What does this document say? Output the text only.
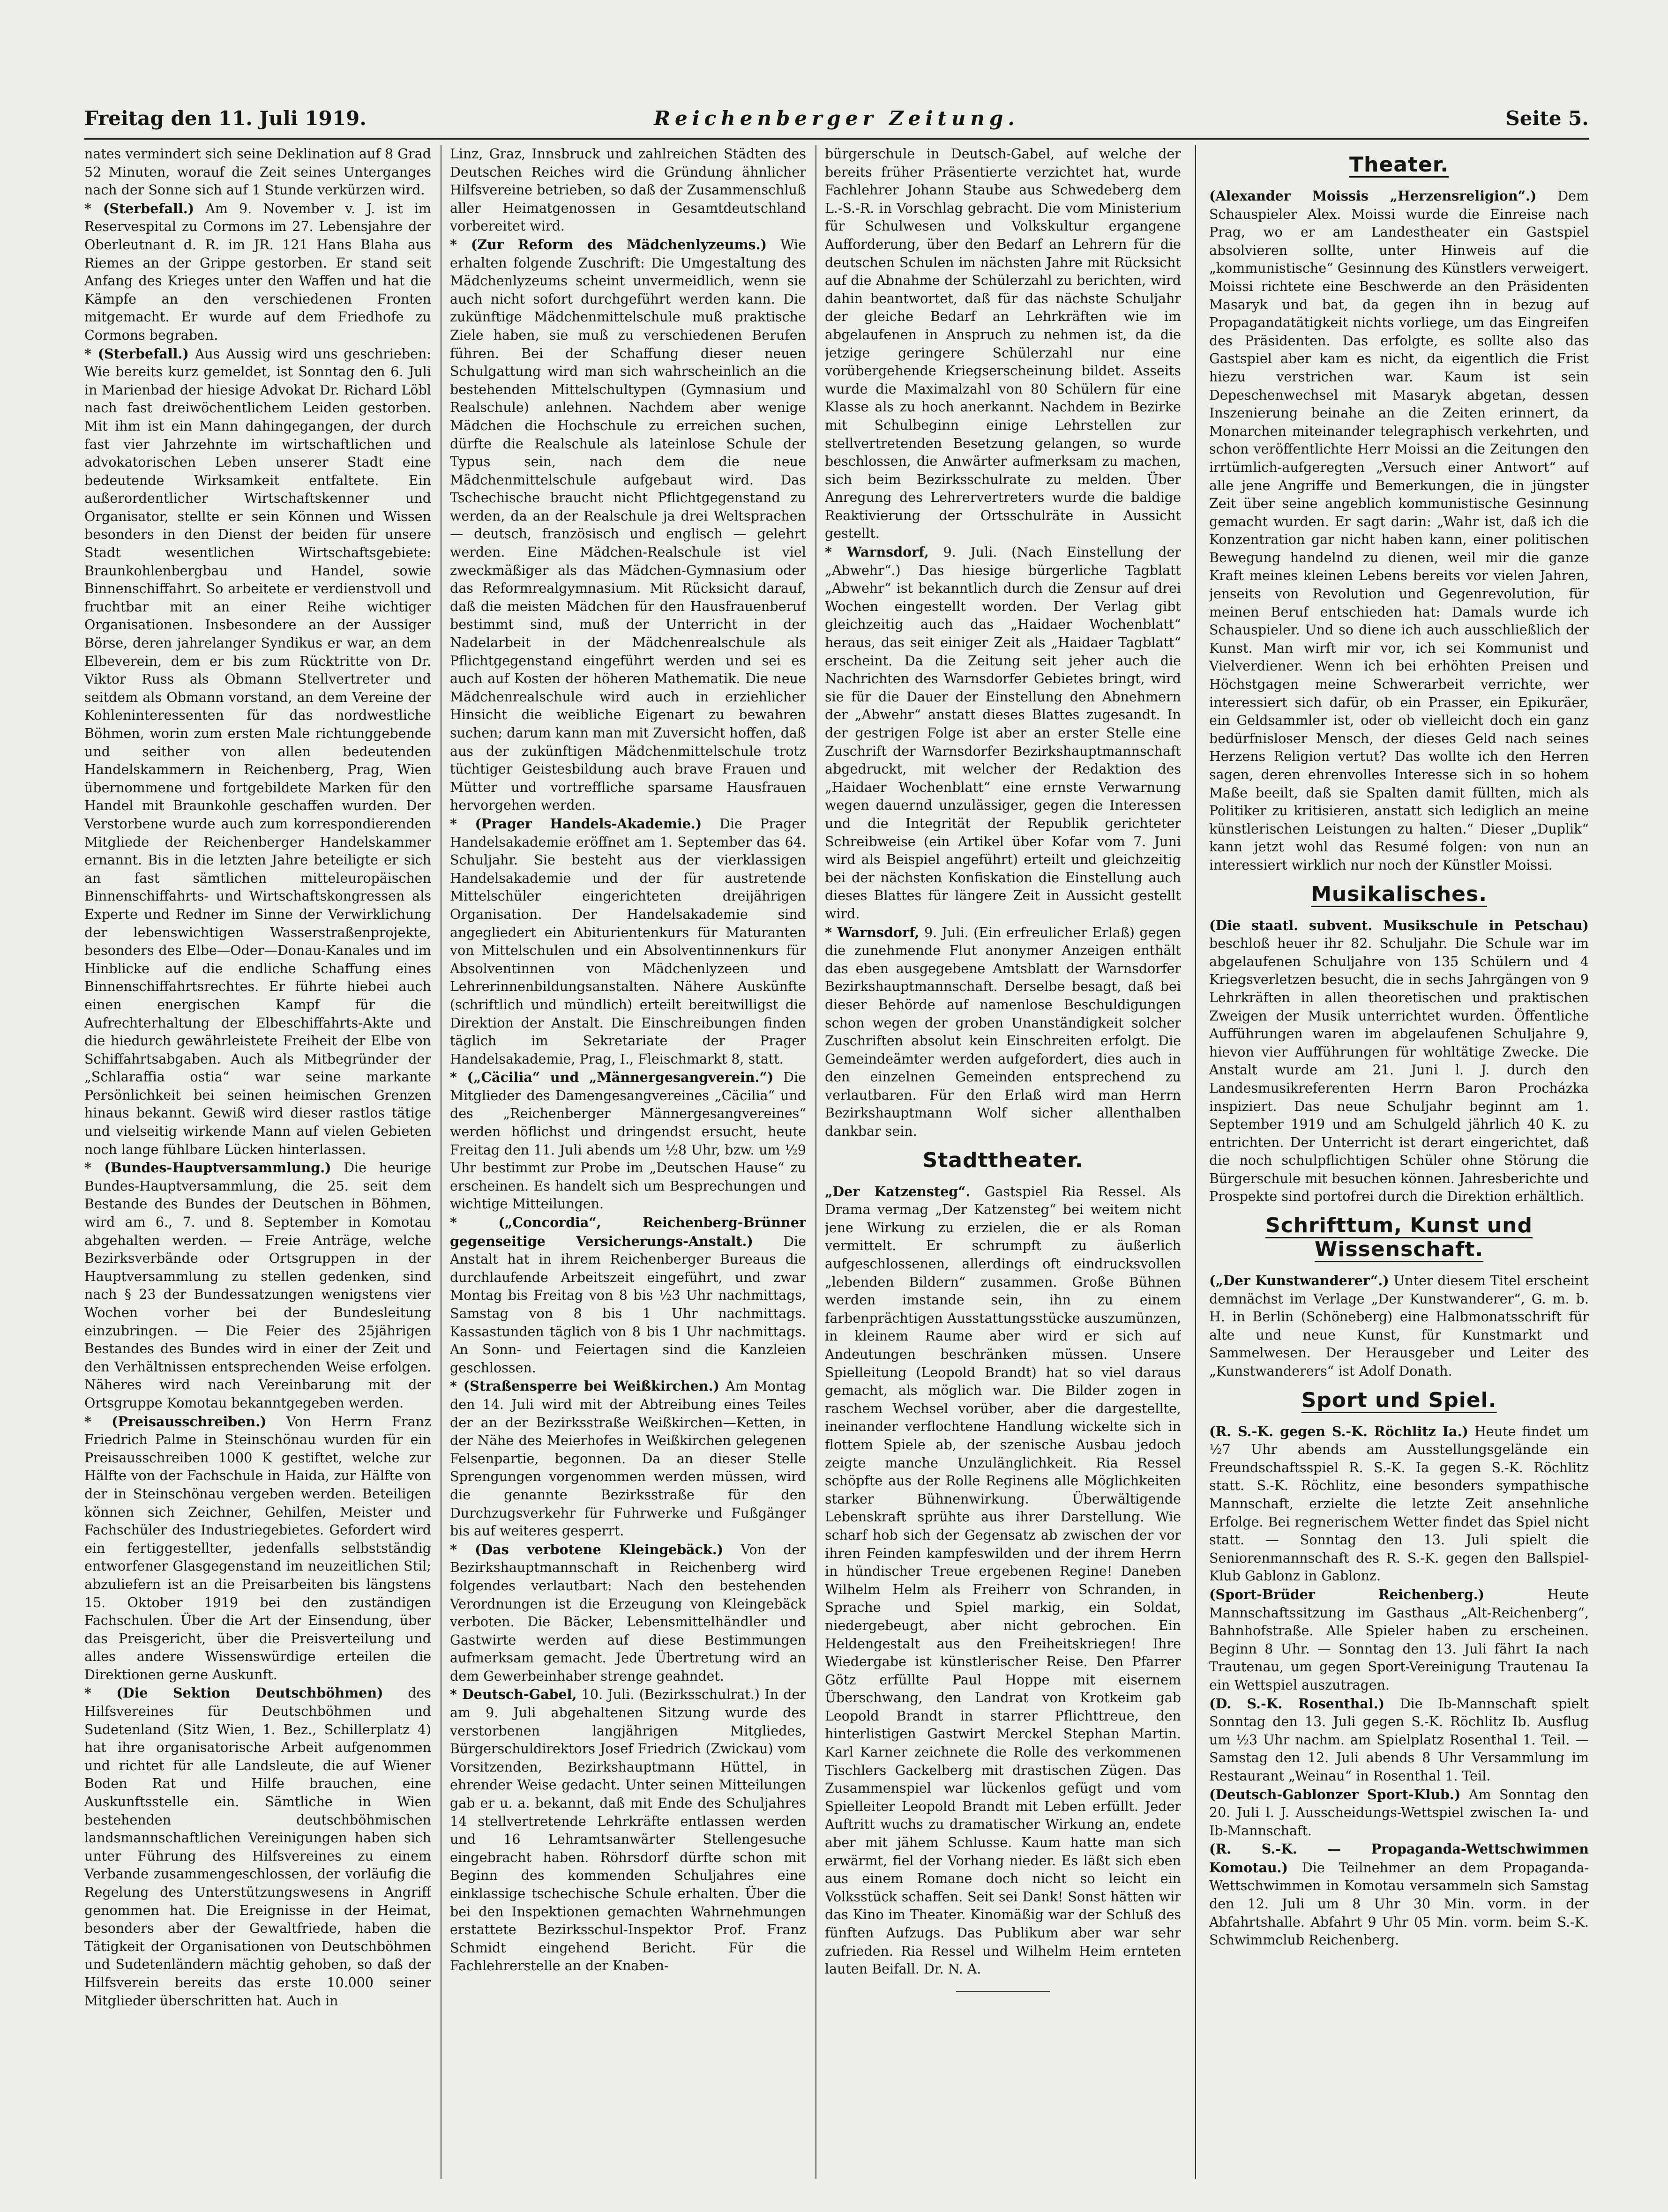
Freitag den 11. Juli 1919.	Reichenberger Zeitung.	Seite 5.

nates vermindert sich seine Deklination auf 8 Grad 52 Minuten, worauf die Zeit seines Unterganges nach der Sonne sich auf 1 Stunde verkürzen wird.

* (Sterbefall.) Am 9. November v. J. ist im Reservespital zu Cormons im 27. Lebensjahre der Oberleutnant d. R. im JR. 121 Hans Blaha aus Riemes an der Grippe gestorben. Er stand seit Anfang des Krieges unter den Waffen und hat die Kämpfe an den verschiedenen Fronten mitgemacht. Er wurde auf dem Friedhofe zu Cormons begraben.

* (Sterbefall.) Aus Aussig wird uns geschrieben: Wie bereits kurz gemeldet, ist Sonntag den 6. Juli in Marienbad der hiesige Advokat Dr. Richard Löbl nach fast dreiwöchentlichem Leiden gestorben. Mit ihm ist ein Mann dahingegangen, der durch fast vier Jahrzehnte im wirtschaftlichen und advokatorischen Leben unserer Stadt eine bedeutende Wirksamkeit entfaltete. Ein außerordentlicher Wirtschaftskenner und Organisator, stellte er sein Können und Wissen besonders in den Dienst der beiden für unsere Stadt wesentlichen Wirtschaftsgebiete: Braunkohlenbergbau und Handel, sowie Binnenschiffahrt. So arbeitete er verdienstvoll und fruchtbar mit an einer Reihe wichtiger Organisationen. Insbesondere an der Aussiger Börse, deren jahrelanger Syndikus er war, an dem Elbeverein, dem er bis zum Rücktritte von Dr. Viktor Russ als Obmann Stellvertreter und seitdem als Obmann vorstand, an dem Vereine der Kohleninteressenten für das nordwestliche Böhmen, worin zum ersten Male richtunggebende und seither von allen bedeutenden Handelskammern in Reichenberg, Prag, Wien übernommene und fortgebildete Marken für den Handel mit Braunkohle geschaffen wurden. Der Verstorbene wurde auch zum korrespondierenden Mitgliede der Reichenberger Handelskammer ernannt. Bis in die letzten Jahre beteiligte er sich an fast sämtlichen mitteleuropäischen Binnenschiffahrts- und Wirtschaftskongressen als Experte und Redner im Sinne der Verwirklichung der lebenswichtigen Wasserstraßenprojekte, besonders des Elbe—Oder—Donau-Kanales und im Hinblicke auf die endliche Schaffung eines Binnenschiffahrtsrechtes. Er führte hiebei auch einen energischen Kampf für die Aufrechterhaltung der Elbeschiffahrts-Akte und die hiedurch gewährleistete Freiheit der Elbe von Schiffahrtsabgaben. Auch als Mitbegründer der „Schlaraffia ostia“ war seine markante Persönlichkeit bei seinen heimischen Grenzen hinaus bekannt. Gewiß wird dieser rastlos tätige und vielseitig wirkende Mann auf vielen Gebieten noch lange fühlbare Lücken hinterlassen.

* (Bundes-Hauptversammlung.) Die heurige Bundes-Hauptversammlung, die 25. seit dem Bestande des Bundes der Deutschen in Böhmen, wird am 6., 7. und 8. September in Komotau abgehalten werden. — Freie Anträge, welche Bezirksverbände oder Ortsgruppen in der Hauptversammlung zu stellen gedenken, sind nach § 23 der Bundessatzungen wenigstens vier Wochen vorher bei der Bundesleitung einzubringen. — Die Feier des 25jährigen Bestandes des Bundes wird in einer der Zeit und den Verhältnissen entsprechenden Weise erfolgen. Näheres wird nach Vereinbarung mit der Ortsgruppe Komotau bekanntgegeben werden.

* (Preisausschreiben.) Von Herrn Franz Friedrich Palme in Steinschönau wurden für ein Preisausschreiben 1000 K gestiftet, welche zur Hälfte von der Fachschule in Haida, zur Hälfte von der in Steinschönau vergeben werden. Beteiligen können sich Zeichner, Gehilfen, Meister und Fachschüler des Industriegebietes. Gefordert wird ein fertiggestellter, jedenfalls selbstständig entworfener Glasgegenstand im neuzeitlichen Stil; abzuliefern ist an die Preisarbeiten bis längstens 15. Oktober 1919 bei den zuständigen Fachschulen. Über die Art der Einsendung, über das Preisgericht, über die Preisverteilung und alles andere Wissenswürdige erteilen die Direktionen gerne Auskunft.

* (Die Sektion Deutschböhmen) des Hilfsvereines für Deutschböhmen und Sudetenland (Sitz Wien, 1. Bez., Schillerplatz 4) hat ihre organisatorische Arbeit aufgenommen und richtet für alle Landsleute, die auf Wiener Boden Rat und Hilfe brauchen, eine Auskunftsstelle ein. Sämtliche in Wien bestehenden deutschböhmischen landsmannschaftlichen Vereinigungen haben sich unter Führung des Hilfsvereines zu einem Verbande zusammengeschlossen, der vorläufig die Regelung des Unterstützungswesens in Angriff genommen hat. Die Ereignisse in der Heimat, besonders aber der Gewaltfriede, haben die Tätigkeit der Organisationen von Deutschböhmen und Sudetenländern mächtig gehoben, so daß der Hilfsverein bereits das erste 10.000 seiner Mitglieder überschritten hat. Auch in

Linz, Graz, Innsbruck und zahlreichen Städten des Deutschen Reiches wird die Gründung ähnlicher Hilfsvereine betrieben, so daß der Zusammenschluß aller Heimatgenossen in Gesamtdeutschland vorbereitet wird.

* (Zur Reform des Mädchenlyzeums.) Wie erhalten folgende Zuschrift: Die Umgestaltung des Mädchenlyzeums scheint unvermeidlich, wenn sie auch nicht sofort durchgeführt werden kann. Die zukünftige Mädchenmittelschule muß praktische Ziele haben, sie muß zu verschiedenen Berufen führen. Bei der Schaffung dieser neuen Schulgattung wird man sich wahrscheinlich an die bestehenden Mittelschultypen (Gymnasium und Realschule) anlehnen. Nachdem aber wenige Mädchen die Hochschule zu erreichen suchen, dürfte die Realschule als lateinlose Schule der Typus sein, nach dem die neue Mädchenmittelschule aufgebaut wird. Das Tschechische braucht nicht Pflichtgegenstand zu werden, da an der Realschule ja drei Weltsprachen — deutsch, französisch und englisch — gelehrt werden. Eine Mädchen-Realschule ist viel zweckmäßiger als das Mädchen-Gymnasium oder das Reformrealgymnasium. Mit Rücksicht darauf, daß die meisten Mädchen für den Hausfrauenberuf bestimmt sind, muß der Unterricht in der Nadelarbeit in der Mädchenrealschule als Pflichtgegenstand eingeführt werden und sei es auch auf Kosten der höheren Mathematik. Die neue Mädchenrealschule wird auch in erziehlicher Hinsicht die weibliche Eigenart zu bewahren suchen; darum kann man mit Zuversicht hoffen, daß aus der zukünftigen Mädchenmittelschule trotz tüchtiger Geistesbildung auch brave Frauen und Mütter und vortreffliche sparsame Hausfrauen hervorgehen werden.

* (Prager Handels-Akademie.) Die Prager Handelsakademie eröffnet am 1. September das 64. Schuljahr. Sie besteht aus der vierklassigen Handelsakademie und der für austretende Mittelschüler eingerichteten dreijährigen Organisation. Der Handelsakademie sind angegliedert ein Abiturientenkurs für Maturanten von Mittelschulen und ein Absolventinnenkurs für Absolventinnen von Mädchenlyzeen und Lehrerinnenbildungsanstalten. Nähere Auskünfte (schriftlich und mündlich) erteilt bereitwilligst die Direktion der Anstalt. Die Einschreibungen finden täglich im Sekretariate der Prager Handelsakademie, Prag, I., Fleischmarkt 8, statt.

* („Cäcilia“ und „Männergesangverein.“) Die Mitglieder des Damengesangvereines „Cäcilia“ und des „Reichenberger Männergesangvereines“ werden höflichst und dringendst ersucht, heute Freitag den 11. Juli abends um ½8 Uhr, bzw. um ½9 Uhr bestimmt zur Probe im „Deutschen Hause“ zu erscheinen. Es handelt sich um Besprechungen und wichtige Mitteilungen.

* („Concordia“, Reichenberg-Brünner gegenseitige Versicherungs-Anstalt.) Die Anstalt hat in ihrem Reichenberger Bureaus die durchlaufende Arbeitszeit eingeführt, und zwar Montag bis Freitag von 8 bis ½3 Uhr nachmittags, Samstag von 8 bis 1 Uhr nachmittags. Kassastunden täglich von 8 bis 1 Uhr nachmittags. An Sonn- und Feiertagen sind die Kanzleien geschlossen.

* (Straßensperre bei Weißkirchen.) Am Montag den 14. Juli wird mit der Abtreibung eines Teiles der an der Bezirksstraße Weißkirchen—Ketten, in der Nähe des Meierhofes in Weißkirchen gelegenen Felsenpartie, begonnen. Da an dieser Stelle Sprengungen vorgenommen werden müssen, wird die genannte Bezirksstraße für den Durchzugsverkehr für Fuhrwerke und Fußgänger bis auf weiteres gesperrt.

* (Das verbotene Kleingebäck.) Von der Bezirkshauptmannschaft in Reichenberg wird folgendes verlautbart: Nach den bestehenden Verordnungen ist die Erzeugung von Kleingebäck verboten. Die Bäcker, Lebensmittelhändler und Gastwirte werden auf diese Bestimmungen aufmerksam gemacht. Jede Übertretung wird an dem Gewerbeinhaber strenge geahndet.

* Deutsch-Gabel, 10. Juli. (Bezirksschulrat.) In der am 9. Juli abgehaltenen Sitzung wurde des verstorbenen langjährigen Mitgliedes, Bürgerschuldirektors Josef Friedrich (Zwickau) vom Vorsitzenden, Bezirkshauptmann Hüttel, in ehrender Weise gedacht. Unter seinen Mitteilungen gab er u. a. bekannt, daß mit Ende des Schuljahres 14 stellvertretende Lehrkräfte entlassen werden und 16 Lehramtsanwärter Stellengesuche eingebracht haben. Röhrsdorf dürfte schon mit Beginn des kommenden Schuljahres eine einklassige tschechische Schule erhalten. Über die bei den Inspektionen gemachten Wahrnehmungen erstattete Bezirksschul-Inspektor Prof. Franz Schmidt eingehend Bericht. Für die Fachlehrerstelle an der Knaben-

bürgerschule in Deutsch-Gabel, auf welche der bereits früher Präsentierte verzichtet hat, wurde Fachlehrer Johann Staube aus Schwedeberg dem L.-S.-R. in Vorschlag gebracht. Die vom Ministerium für Schulwesen und Volkskultur ergangene Aufforderung, über den Bedarf an Lehrern für die deutschen Schulen im nächsten Jahre mit Rücksicht auf die Abnahme der Schülerzahl zu berichten, wird dahin beantwortet, daß für das nächste Schuljahr der gleiche Bedarf an Lehrkräften wie im abgelaufenen in Anspruch zu nehmen ist, da die jetzige geringere Schülerzahl nur eine vorübergehende Kriegserscheinung bildet. Asseits wurde die Maximalzahl von 80 Schülern für eine Klasse als zu hoch anerkannt. Nachdem in Bezirke mit Schulbeginn einige Lehrstellen zur stellvertretenden Besetzung gelangen, so wurde beschlossen, die Anwärter aufmerksam zu machen, sich beim Bezirksschulrate zu melden. Über Anregung des Lehrervertreters wurde die baldige Reaktivierung der Ortsschulräte in Aussicht gestellt.

* Warnsdorf, 9. Juli. (Nach Einstellung der „Abwehr“.) Das hiesige bürgerliche Tagblatt „Abwehr“ ist bekanntlich durch die Zensur auf drei Wochen eingestellt worden. Der Verlag gibt gleichzeitig auch das „Haidaer Wochenblatt“ heraus, das seit einiger Zeit als „Haidaer Tagblatt“ erscheint. Da die Zeitung seit jeher auch die Nachrichten des Warnsdorfer Gebietes bringt, wird sie für die Dauer der Einstellung den Abnehmern der „Abwehr“ anstatt dieses Blattes zugesandt. In der gestrigen Folge ist aber an erster Stelle eine Zuschrift der Warnsdorfer Bezirkshauptmannschaft abgedruckt, mit welcher der Redaktion des „Haidaer Wochenblatt“ eine ernste Verwarnung wegen dauernd unzulässiger, gegen die Interessen und die Integrität der Republik gerichteter Schreibweise (ein Artikel über Kofar vom 7. Juni wird als Beispiel angeführt) erteilt und gleichzeitig bei der nächsten Konfiskation die Einstellung auch dieses Blattes für längere Zeit in Aussicht gestellt wird.

* Warnsdorf, 9. Juli. (Ein erfreulicher Erlaß) gegen die zunehmende Flut anonymer Anzeigen enthält das eben ausgegebene Amtsblatt der Warnsdorfer Bezirkshauptmannschaft. Derselbe besagt, daß bei dieser Behörde auf namenlose Beschuldigungen schon wegen der groben Unanständigkeit solcher Zuschriften absolut kein Einschreiten erfolgt. Die Gemeindeämter werden aufgefordert, dies auch in den einzelnen Gemeinden entsprechend zu verlautbaren. Für den Erlaß wird man Herrn Bezirkshauptmann Wolf sicher allenthalben dankbar sein.

Stadttheater.

„Der Katzensteg“. Gastspiel Ria Ressel. Als Drama vermag „Der Katzensteg“ bei weitem nicht jene Wirkung zu erzielen, die er als Roman vermittelt. Er schrumpft zu äußerlich aufgeschlossenen, allerdings oft eindrucksvollen „lebenden Bildern“ zusammen. Große Bühnen werden imstande sein, ihn zu einem farbenprächtigen Ausstattungsstücke auszumünzen, in kleinem Raume aber wird er sich auf Andeutungen beschränken müssen. Unsere Spielleitung (Leopold Brandt) hat so viel daraus gemacht, als möglich war. Die Bilder zogen in raschem Wechsel vorüber, aber die dargestellte, ineinander verflochtene Handlung wickelte sich in flottem Spiele ab, der szenische Ausbau jedoch zeigte manche Unzulänglichkeit. Ria Ressel schöpfte aus der Rolle Reginens alle Möglichkeiten starker Bühnenwirkung. Überwältigende Lebenskraft sprühte aus ihrer Darstellung. Wie scharf hob sich der Gegensatz ab zwischen der vor ihren Feinden kampfeswilden und der ihrem Herrn in hündischer Treue ergebenen Regine! Daneben Wilhelm Helm als Freiherr von Schranden, in Sprache und Spiel markig, ein Soldat, niedergebeugt, aber nicht gebrochen. Ein Heldengestalt aus den Freiheitskriegen! Ihre Wiedergabe ist künstlerischer Reise. Den Pfarrer Götz erfüllte Paul Hoppe mit eisernem Überschwang, den Landrat von Krotkeim gab Leopold Brandt in starrer Pflichttreue, den hinterlistigen Gastwirt Merckel Stephan Martin. Karl Karner zeichnete die Rolle des verkommenen Tischlers Gackelberg mit drastischen Zügen. Das Zusammenspiel war lückenlos gefügt und vom Spielleiter Leopold Brandt mit Leben erfüllt. Jeder Auftritt wuchs zu dramatischer Wirkung an, endete aber mit jähem Schlusse. Kaum hatte man sich erwärmt, fiel der Vorhang nieder. Es läßt sich eben aus einem Romane doch nicht so leicht ein Volksstück schaffen. Seit sei Dank! Sonst hätten wir das Kino im Theater. Kinomäßig war der Schluß des fünften Aufzugs. Das Publikum aber war sehr zufrieden. Ria Ressel und Wilhelm Heim ernteten lauten Beifall. Dr. N. A.

Theater.

(Alexander Moissis „Herzensreligion“.) Dem Schauspieler Alex. Moissi wurde die Einreise nach Prag, wo er am Landestheater ein Gastspiel absolvieren sollte, unter Hinweis auf die „kommunistische“ Gesinnung des Künstlers verweigert. Moissi richtete eine Beschwerde an den Präsidenten Masaryk und bat, da gegen ihn in bezug auf Propagandatätigkeit nichts vorliege, um das Eingreifen des Präsidenten. Das erfolgte, es sollte also das Gastspiel aber kam es nicht, da eigentlich die Frist hiezu verstrichen war. Kaum ist sein Depeschenwechsel mit Masaryk abgetan, dessen Inszenierung beinahe an die Zeiten erinnert, da Monarchen miteinander telegraphisch verkehrten, und schon veröffentlichte Herr Moissi an die Zeitungen den irrtümlich-aufgeregten „Versuch einer Antwort“ auf alle jene Angriffe und Bemerkungen, die in jüngster Zeit über seine angeblich kommunistische Gesinnung gemacht wurden. Er sagt darin: „Wahr ist, daß ich die Konzentration gar nicht haben kann, einer politischen Bewegung handelnd zu dienen, weil mir die ganze Kraft meines kleinen Lebens bereits vor vielen Jahren, jenseits von Revolution und Gegenrevolution, für meinen Beruf entschieden hat: Damals wurde ich Schauspieler. Und so diene ich auch ausschließlich der Kunst. Man wirft mir vor, ich sei Kommunist und Vielverdiener. Wenn ich bei erhöhten Preisen und Höchstgagen meine Schwerarbeit verrichte, wer interessiert sich dafür, ob ein Prasser, ein Epikuräer, ein Geldsammler ist, oder ob vielleicht doch ein ganz bedürfnisloser Mensch, der dieses Geld nach seines Herzens Religion vertut? Das wollte ich den Herren sagen, deren ehrenvolles Interesse sich in so hohem Maße beeilt, daß sie Spalten damit füllten, mich als Politiker zu kritisieren, anstatt sich lediglich an meine künstlerischen Leistungen zu halten.“ Dieser „Duplik“ kann jetzt wohl das Resumé folgen: von nun an interessiert wirklich nur noch der Künstler Moissi.

Musikalisches.

(Die staatl. subvent. Musikschule in Petschau) beschloß heuer ihr 82. Schuljahr. Die Schule war im abgelaufenen Schuljahre von 135 Schülern und 4 Kriegsverletzen besucht, die in sechs Jahrgängen von 9 Lehrkräften in allen theoretischen und praktischen Zweigen der Musik unterrichtet wurden. Öffentliche Aufführungen waren im abgelaufenen Schuljahre 9, hievon vier Aufführungen für wohltätige Zwecke. Die Anstalt wurde am 21. Juni l. J. durch den Landesmusikreferenten Herrn Baron Procházka inspiziert. Das neue Schuljahr beginnt am 1. September 1919 und am Schulgeld jährlich 40 K. zu entrichten. Der Unterricht ist derart eingerichtet, daß die noch schulpflichtigen Schüler ohne Störung die Bürgerschule mit besuchen können. Jahresberichte und Prospekte sind portofrei durch die Direktion erhältlich.

Schrifttum, Kunst und Wissenschaft.

(„Der Kunstwanderer“.) Unter diesem Titel erscheint demnächst im Verlage „Der Kunstwanderer“, G. m. b. H. in Berlin (Schöneberg) eine Halbmonatsschrift für alte und neue Kunst, für Kunstmarkt und Sammelwesen. Der Herausgeber und Leiter des „Kunstwanderers“ ist Adolf Donath.

Sport und Spiel.

(R. S.-K. gegen S.-K. Röchlitz Ia.) Heute findet um ½7 Uhr abends am Ausstellungsgelände ein Freundschaftsspiel R. S.-K. Ia gegen S.-K. Röchlitz statt. S.-K. Röchlitz, eine besonders sympathische Mannschaft, erzielte die letzte Zeit ansehnliche Erfolge. Bei regnerischem Wetter findet das Spiel nicht statt. — Sonntag den 13. Juli spielt die Seniorenmannschaft des R. S.-K. gegen den Ballspiel-Klub Gablonz in Gablonz.

(Sport-Brüder Reichenberg.)	Heute Mannschaftssitzung im Gasthaus „Alt-Reichenberg“, Bahnhofstraße. Alle Spieler haben zu erscheinen. Beginn 8 Uhr. — Sonntag den 13. Juli fährt Ia nach Trautenau, um gegen Sport-Vereinigung Trautenau Ia ein Wettspiel auszutragen.

(D. S.-K. Rosenthal.) Die Ib-Mannschaft spielt Sonntag den 13. Juli gegen S.-K. Röchlitz Ib. Ausflug um ½3 Uhr nachm. am Spielplatz Rosenthal 1. Teil. — Samstag den 12. Juli abends 8 Uhr Versammlung im Restaurant „Weinau“ in Rosenthal 1. Teil.

(Deutsch-Gablonzer Sport-Klub.) Am Sonntag den 20. Juli l. J. Ausscheidungs-Wettspiel zwischen Ia- und Ib-Mannschaft.

(R. S.-K. — Propaganda-Wettschwimmen Komotau.) Die Teilnehmer an dem Propaganda-Wettschwimmen in Komotau versammeln sich Samstag den 12. Juli um 8 Uhr 30 Min. vorm. in der Abfahrtshalle. Abfahrt 9 Uhr 05 Min. vorm. beim S.-K. Schwimmclub Reichenberg.
